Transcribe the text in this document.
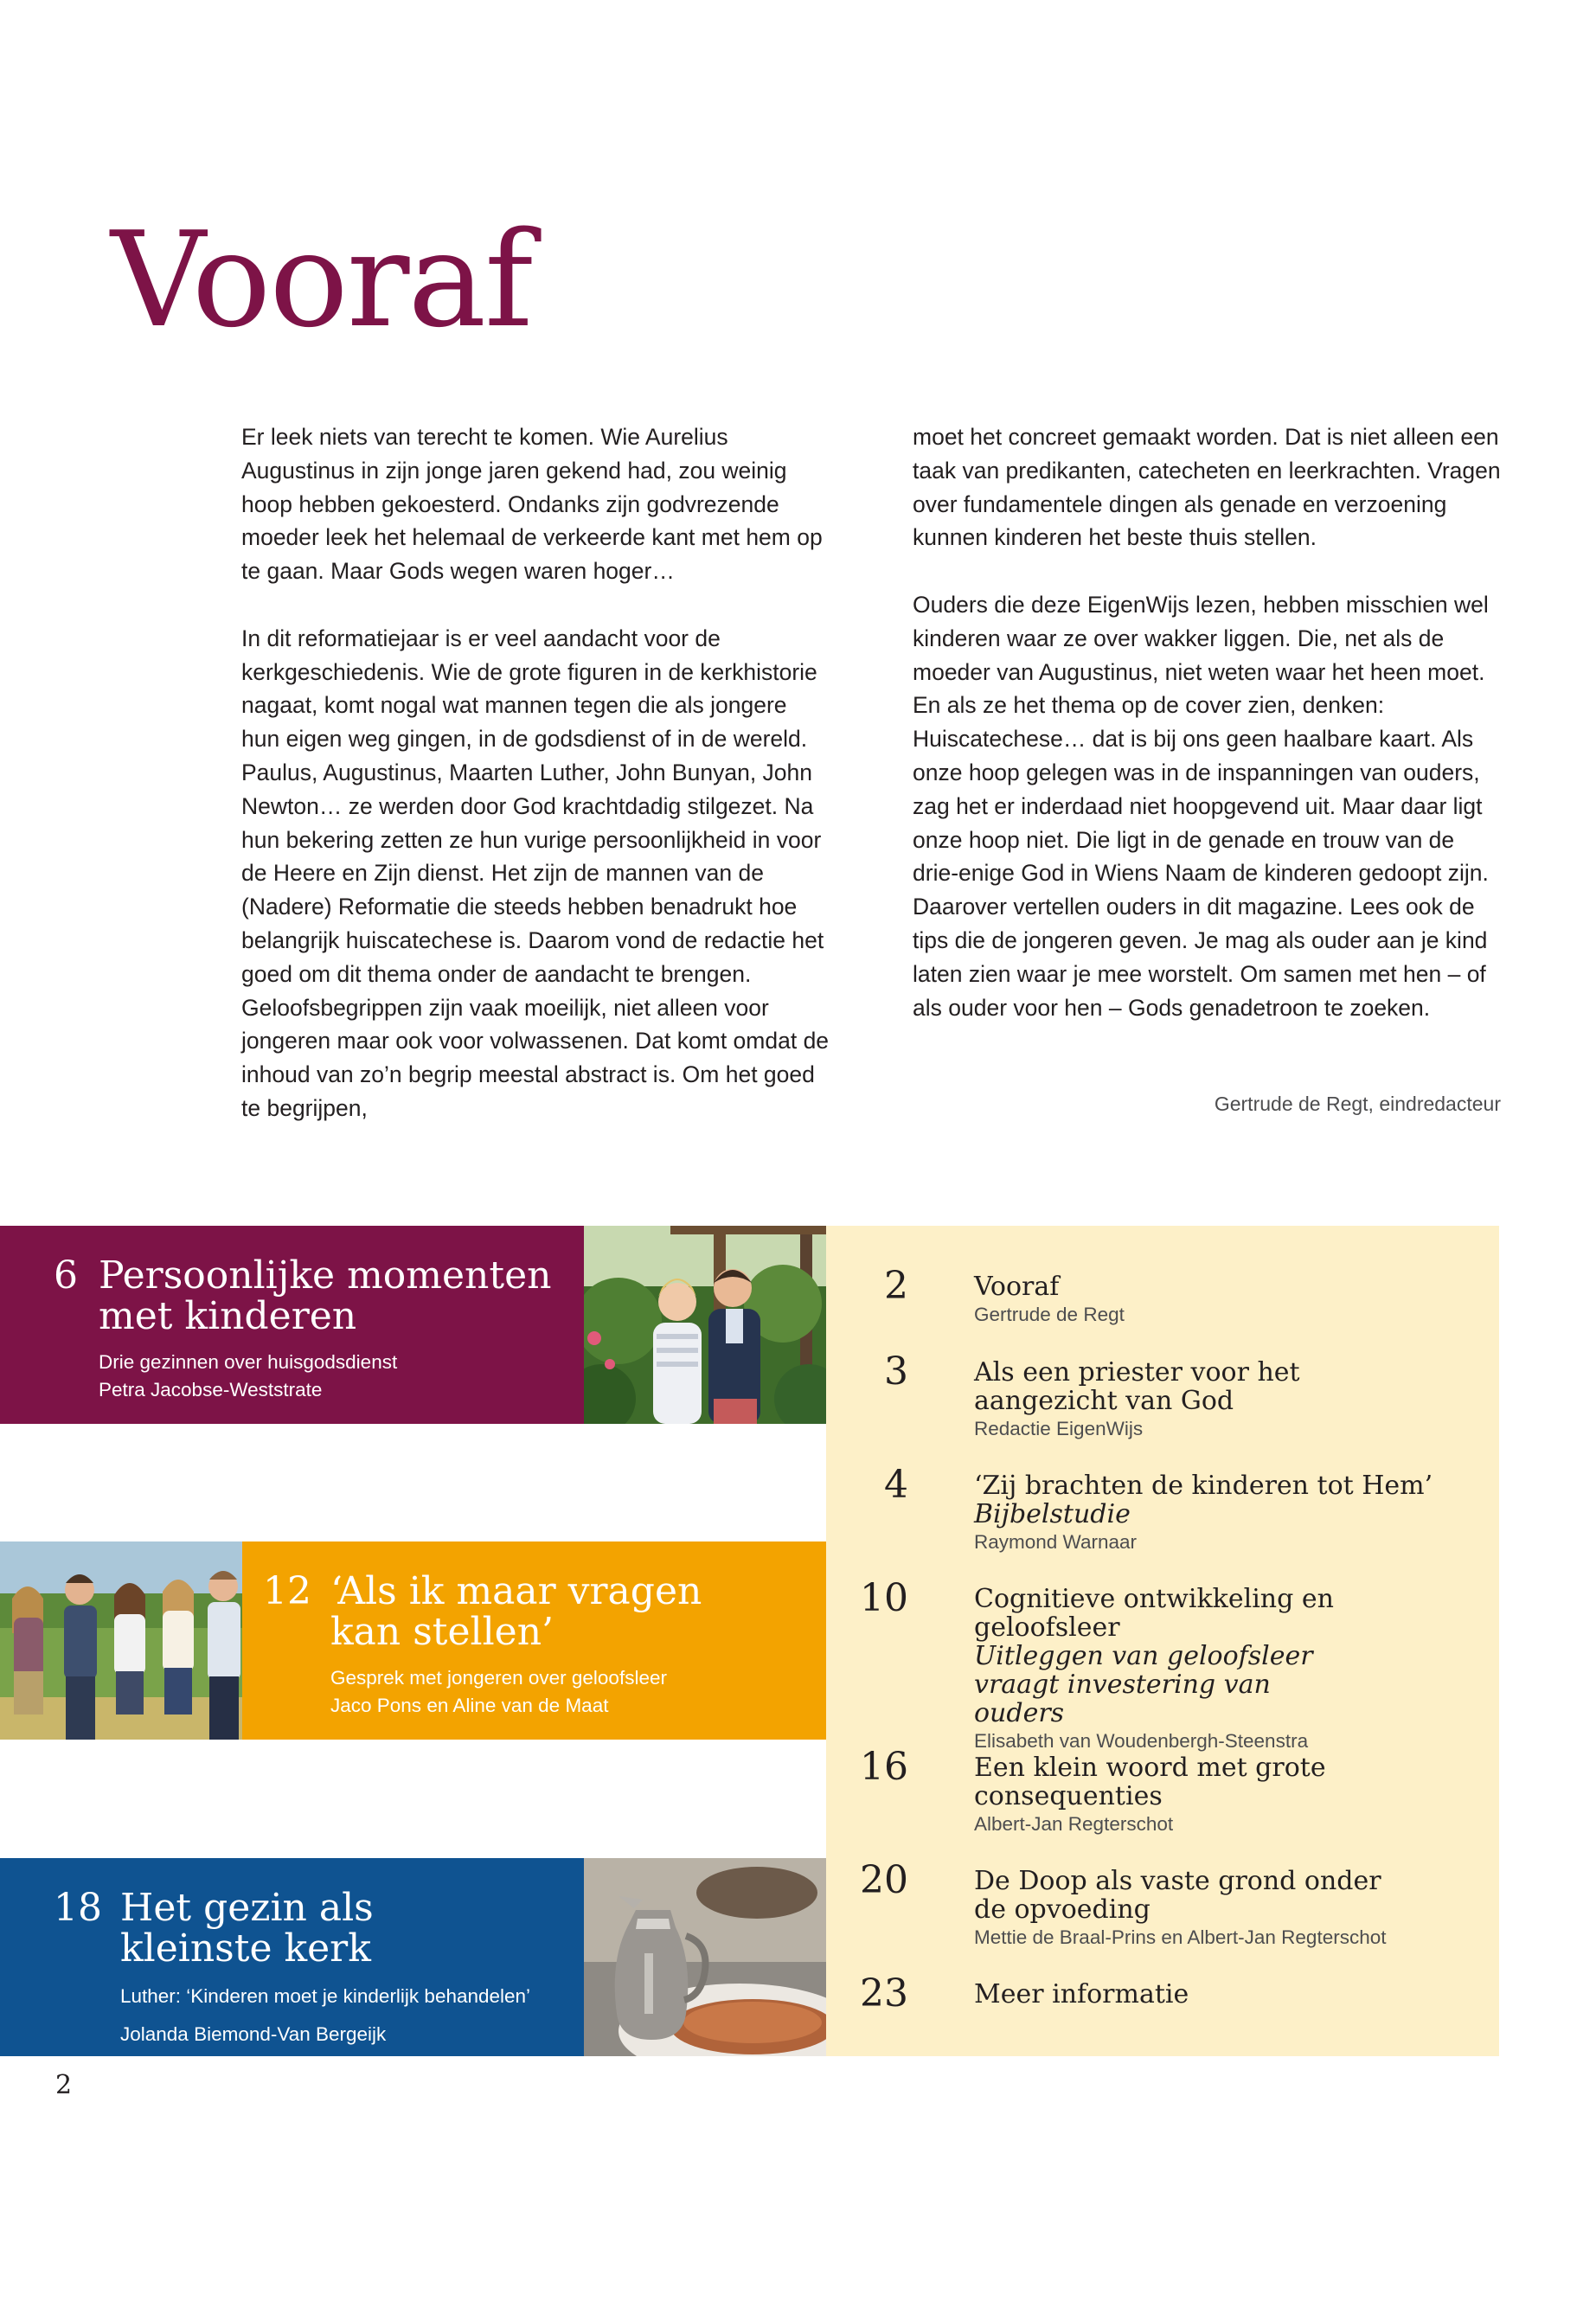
Vooraf

Er leek niets van terecht te komen. Wie Aurelius Augustinus in zijn jonge jaren gekend had, zou weinig hoop hebben gekoesterd. Ondanks zijn godvrezende moeder leek het helemaal de verkeerde kant met hem op te gaan. Maar Gods wegen waren hoger…

In dit reformatiejaar is er veel aandacht voor de kerkgeschiedenis. Wie de grote figuren in de kerkhistorie nagaat, komt nogal wat mannen tegen die als jongere hun eigen weg gingen, in de godsdienst of in de wereld. Paulus, Augustinus, Maarten Luther, John Bunyan, John Newton… ze werden door God krachtdadig stilgezet. Na hun bekering zetten ze hun vurige persoonlijkheid in voor de Heere en Zijn dienst. Het zijn de mannen van de (Nadere) Reformatie die steeds hebben benadrukt hoe belangrijk huiscatechese is. Daarom vond de redactie het goed om dit thema onder de aandacht te brengen. Geloofsbegrippen zijn vaak moeilijk, niet alleen voor jongeren maar ook voor volwassenen. Dat komt omdat de inhoud van zo’n begrip meestal abstract is. Om het goed te begrijpen,

moet het concreet gemaakt worden. Dat is niet alleen een taak van predikanten, catecheten en leerkrachten. Vragen over fundamentele dingen als genade en verzoening kunnen kinderen het beste thuis stellen.

Ouders die deze EigenWijs lezen, hebben misschien wel kinderen waar ze over wakker liggen. Die, net als de moeder van Augustinus, niet weten waar het heen moet. En als ze het thema op de cover zien, denken: Huiscatechese… dat is bij ons geen haalbare kaart. Als onze hoop gelegen was in de inspanningen van ouders, zag het er inderdaad niet hoopgevend uit. Maar daar ligt onze hoop niet. Die ligt in de genade en trouw van de drie-enige God in Wiens Naam de kinderen gedoopt zijn. Daarover vertellen ouders in dit magazine. Lees ook de tips die de jongeren geven. Je mag als ouder aan je kind laten zien waar je mee worstelt. Om samen met hen – of als ouder voor hen – Gods genadetroon te zoeken.

Gertrude de Regt, eindredacteur
6 Persoonlijke momenten
met kinderen
Drie gezinnen over huisgodsdienst
Petra Jacobse-Weststrate
12 ‘Als ik maar vragen
kan stellen’
Gesprek met jongeren over geloofsleer
Jaco Pons en Aline van de Maat
18 Het gezin als
kleinste kerk
Luther: ‘Kinderen moet je kinderlijk behandelen’
Jolanda Biemond-Van Bergeijk
2	Vooraf
Gertrude de Regt
3	Als een priester voor het aangezicht van God
Redactie EigenWijs
4	‘Zij brachten de kinderen tot Hem’
Bijbelstudie
Raymond Warnaar
10	Cognitieve ontwikkeling en geloofsleer
Uitleggen van geloofsleer vraagt investering van ouders
Elisabeth van Woudenbergh-Steenstra
16	Een klein woord met grote consequenties
Albert-Jan Regterschot
20	De Doop als vaste grond onder de opvoeding
Mettie de Braal-Prins en Albert-Jan Regterschot
23	Meer informatie
2
